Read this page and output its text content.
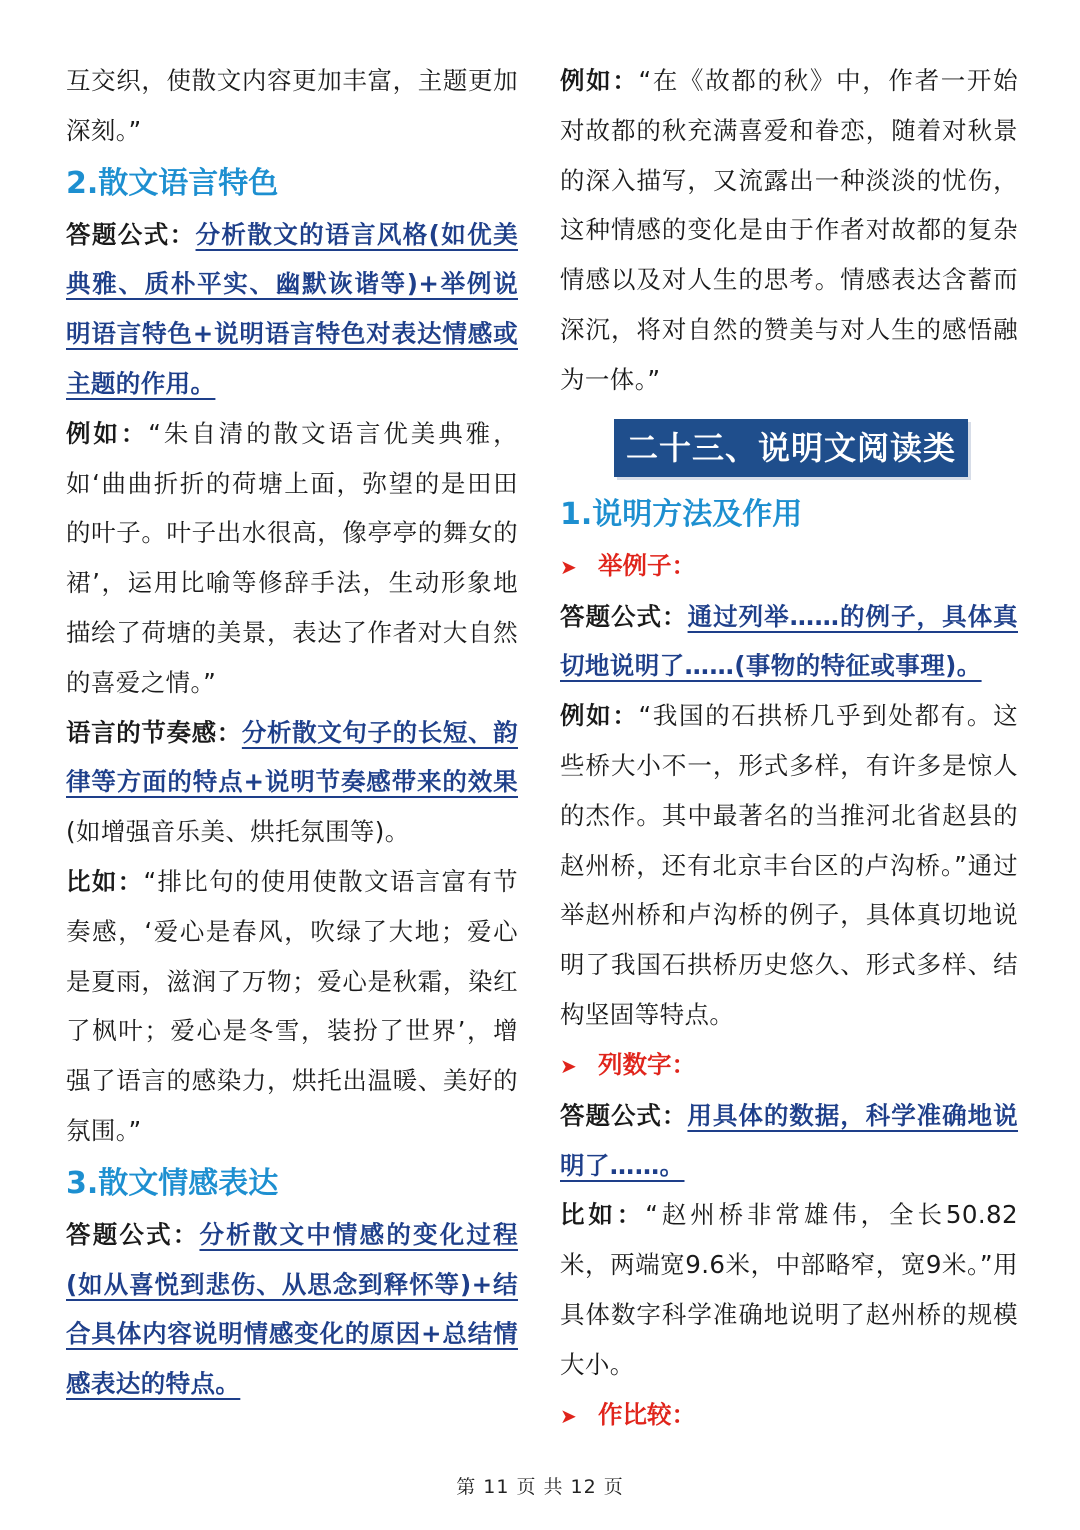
互交织，使散文内容更加丰富，主题更加深刻。”

2.散文语言特色

答题公式：分析散文的语言风格(如优美典雅、质朴平实、幽默诙谐等)+举例说明语言特色+说明语言特色对表达情感或主题的作用。

例如：“朱自清的散文语言优美典雅，如‘曲曲折折的荷塘上面，弥望的是田田的叶子。叶子出水很高，像亭亭的舞女的裙’，运用比喻等修辞手法，生动形象地描绘了荷塘的美景，表达了作者对大自然的喜爱之情。”

语言的节奏感：分析散文句子的长短、韵律等方面的特点+说明节奏感带来的效果(如增强音乐美、烘托氛围等)。

比如：“排比句的使用使散文语言富有节奏感，‘爱心是春风，吹绿了大地；爱心是夏雨，滋润了万物；爱心是秋霜，染红了枫叶；爱心是冬雪，装扮了世界’，增强了语言的感染力，烘托出温暖、美好的氛围。”

3.散文情感表达

答题公式：分析散文中情感的变化过程(如从喜悦到悲伤、从思念到释怀等)+结合具体内容说明情感变化的原因+总结情感表达的特点。

例如：“在《故都的秋》中，作者一开始对故都的秋充满喜爱和眷恋，随着对秋景的深入描写，又流露出一种淡淡的忧伤，这种情感的变化是由于作者对故都的复杂情感以及对人生的思考。情感表达含蓄而深沉，将对自然的赞美与对人生的感悟融为一体。”

二十三、说明文阅读类
1.说明方法及作用

➤ 举例子：

答题公式：通过列举……的例子，具体真切地说明了……(事物的特征或事理)。

例如：“我国的石拱桥几乎到处都有。这些桥大小不一，形式多样，有许多是惊人的杰作。其中最著名的当推河北省赵县的赵州桥，还有北京丰台区的卢沟桥。”通过举赵州桥和卢沟桥的例子，具体真切地说明了我国石拱桥历史悠久、形式多样、结构坚固等特点。

➤ 列数字：

答题公式：用具体的数据，科学准确地说明了……。

比如：“赵州桥非常雄伟，全长50.82米，两端宽9.6米，中部略窄，宽9米。”用具体数字科学准确地说明了赵州桥的规模大小。

➤ 作比较：

第 11 页 共 12 页
